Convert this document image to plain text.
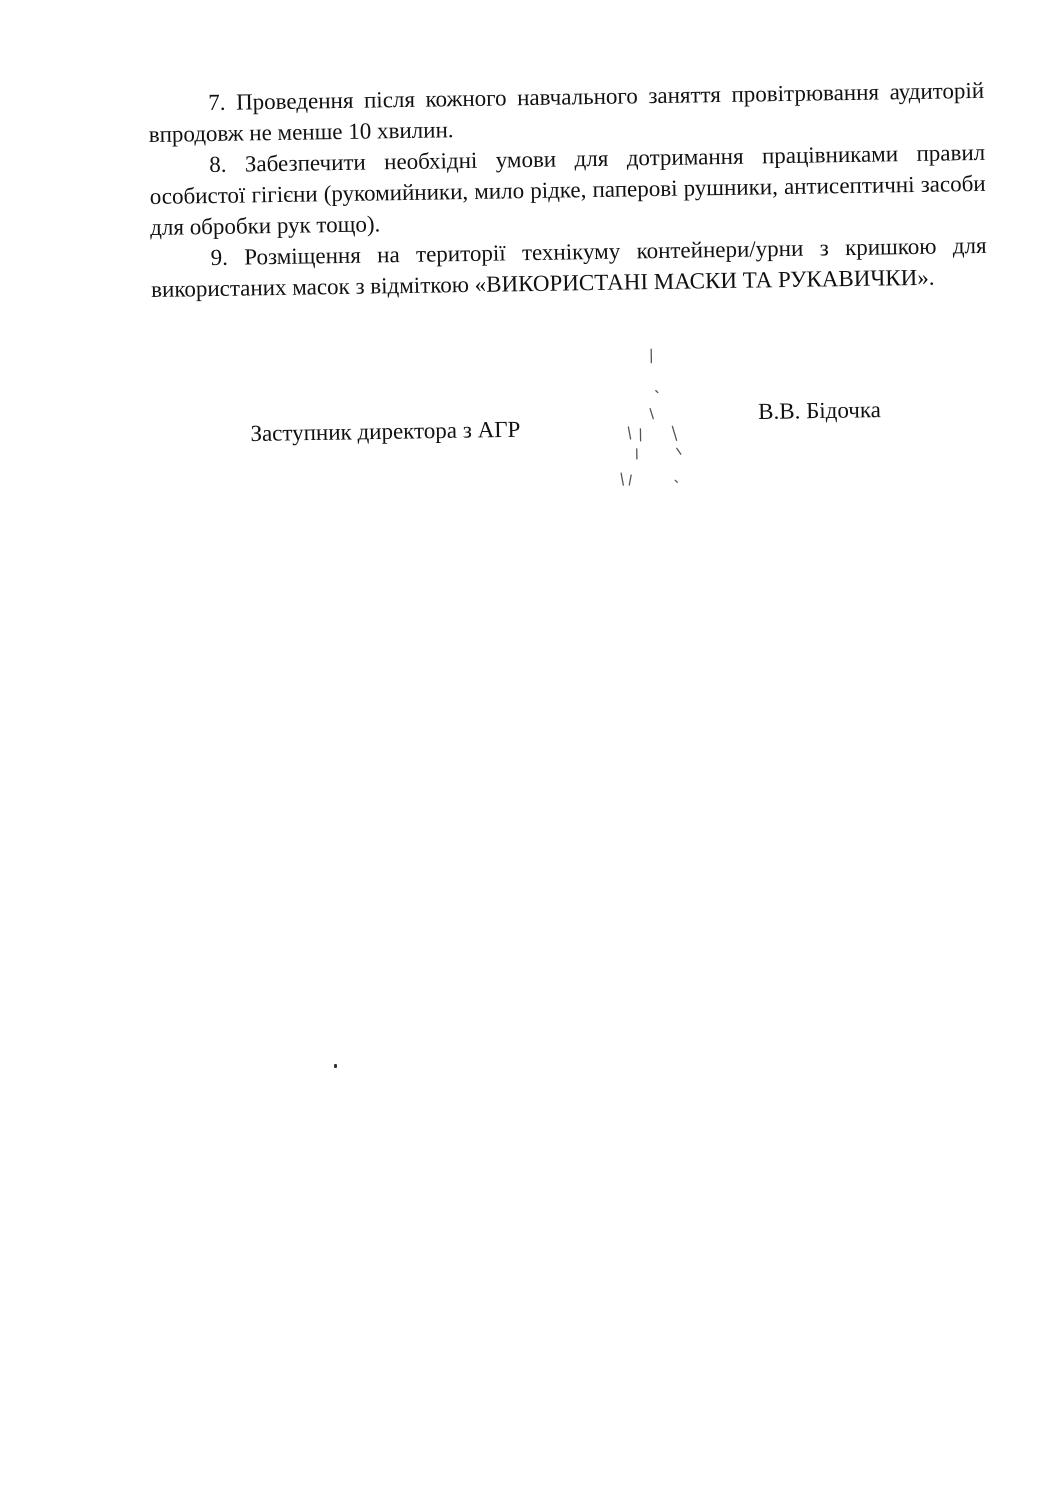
7. Проведення після кожного навчального заняття провітрювання аудиторій впродовж не менше 10 хвилин.

8. Забезпечити необхідні умови для дотримання працівниками правил особистої гігієни (рукомийники, мило рідке, паперові рушники, антисептичні засоби для обробки рук тощо).

9. Розміщення на території технікуму контейнери/урни з кришкою для використаних масок з відміткою «ВИКОРИСТАНІ МАСКИ ТА РУКАВИЧКИ».

Заступник директора з АГР
В.В. Бідочка
